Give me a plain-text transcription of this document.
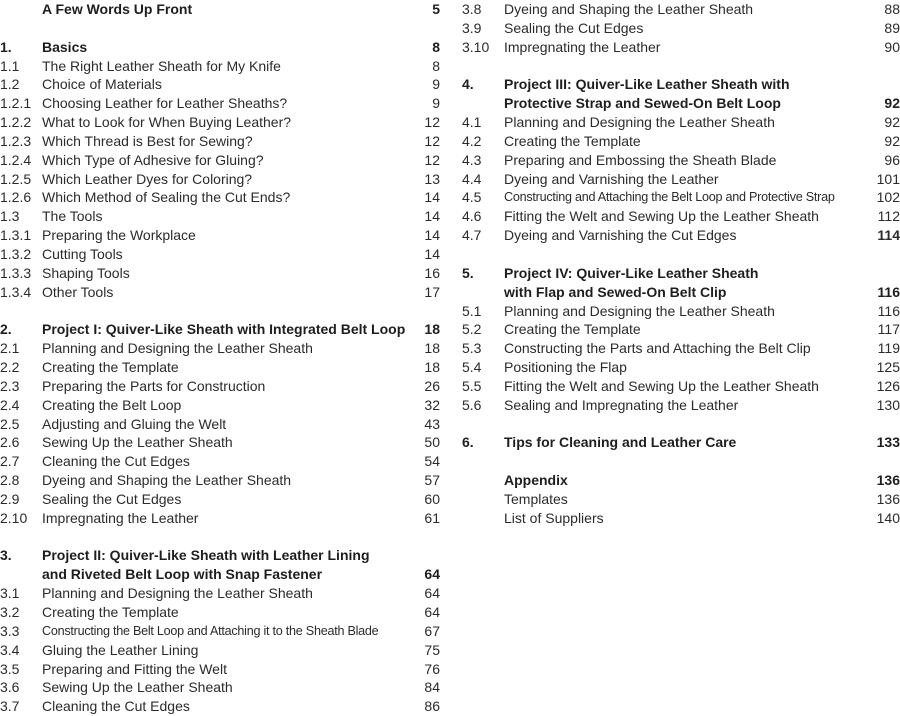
A Few Words Up Front	5
1.	Basics	8
1.1	The Right Leather Sheath for My Knife	8
1.2	Choice of Materials	9
1.2.1 Choosing Leather for Leather Sheaths?	9
1.2.2 What to Look for When Buying Leather?	12
1.2.3 Which Thread is Best for Sewing?	12
1.2.4 Which Type of Adhesive for Gluing?	12
1.2.5 Which Leather Dyes for Coloring?	13
1.2.6 Which Method of Sealing the Cut Ends?	14
1.3	The Tools	14
1.3.1 Preparing the Workplace	14
1.3.2 Cutting Tools	14
1.3.3 Shaping Tools	16
1.3.4 Other Tools	17
2.	Project I: Quiver-Like Sheath with Integrated Belt Loop	18
2.1	Planning and Designing the Leather Sheath	18
2.2	Creating the Template	18
2.3	Preparing the Parts for Construction	26
2.4	Creating the Belt Loop	32
2.5	Adjusting and Gluing the Welt	43
2.6	Sewing Up the Leather Sheath	50
2.7	Cleaning the Cut Edges	54
2.8	Dyeing and Shaping the Leather Sheath	57
2.9	Sealing the Cut Edges	60
2.10	Impregnating the Leather	61
3.	Project II: Quiver-Like Sheath with Leather Lining
and Riveted Belt Loop with Snap Fastener	64
3.1	Planning and Designing the Leather Sheath	64
3.2	Creating the Template	64
3.3	Constructing the Belt Loop and Attaching it to the Sheath Blade	67
3.4	Gluing the Leather Lining	75
3.5	Preparing and Fitting the Welt	76
3.6	Sewing Up the Leather Sheath	84
3.7	Cleaning the Cut Edges	86
3.8	Dyeing and Shaping the Leather Sheath	88
3.9	Sealing the Cut Edges	89
3.10	Impregnating the Leather	90
4.	Project III: Quiver-Like Leather Sheath with
Protective Strap and Sewed-On Belt Loop	92
4.1	Planning and Designing the Leather Sheath	92
4.2	Creating the Template	92
4.3	Preparing and Embossing the Sheath Blade	96
4.4	Dyeing and Varnishing the Leather	101
4.5	Constructing and Attaching the Belt Loop and Protective Strap	102
4.6	Fitting the Welt and Sewing Up the Leather Sheath	112
4.7	Dyeing and Varnishing the Cut Edges	114
5.	Project IV: Quiver-Like Leather Sheath
with Flap and Sewed-On Belt Clip	116
5.1	Planning and Designing the Leather Sheath	116
5.2	Creating the Template	117
5.3	Constructing the Parts and Attaching the Belt Clip	119
5.4	Positioning the Flap	125
5.5	Fitting the Welt and Sewing Up the Leather Sheath	126
5.6	Sealing and Impregnating the Leather	130
6.	Tips for Cleaning and Leather Care	133
Appendix	136
Templates	136
List of Suppliers	140
